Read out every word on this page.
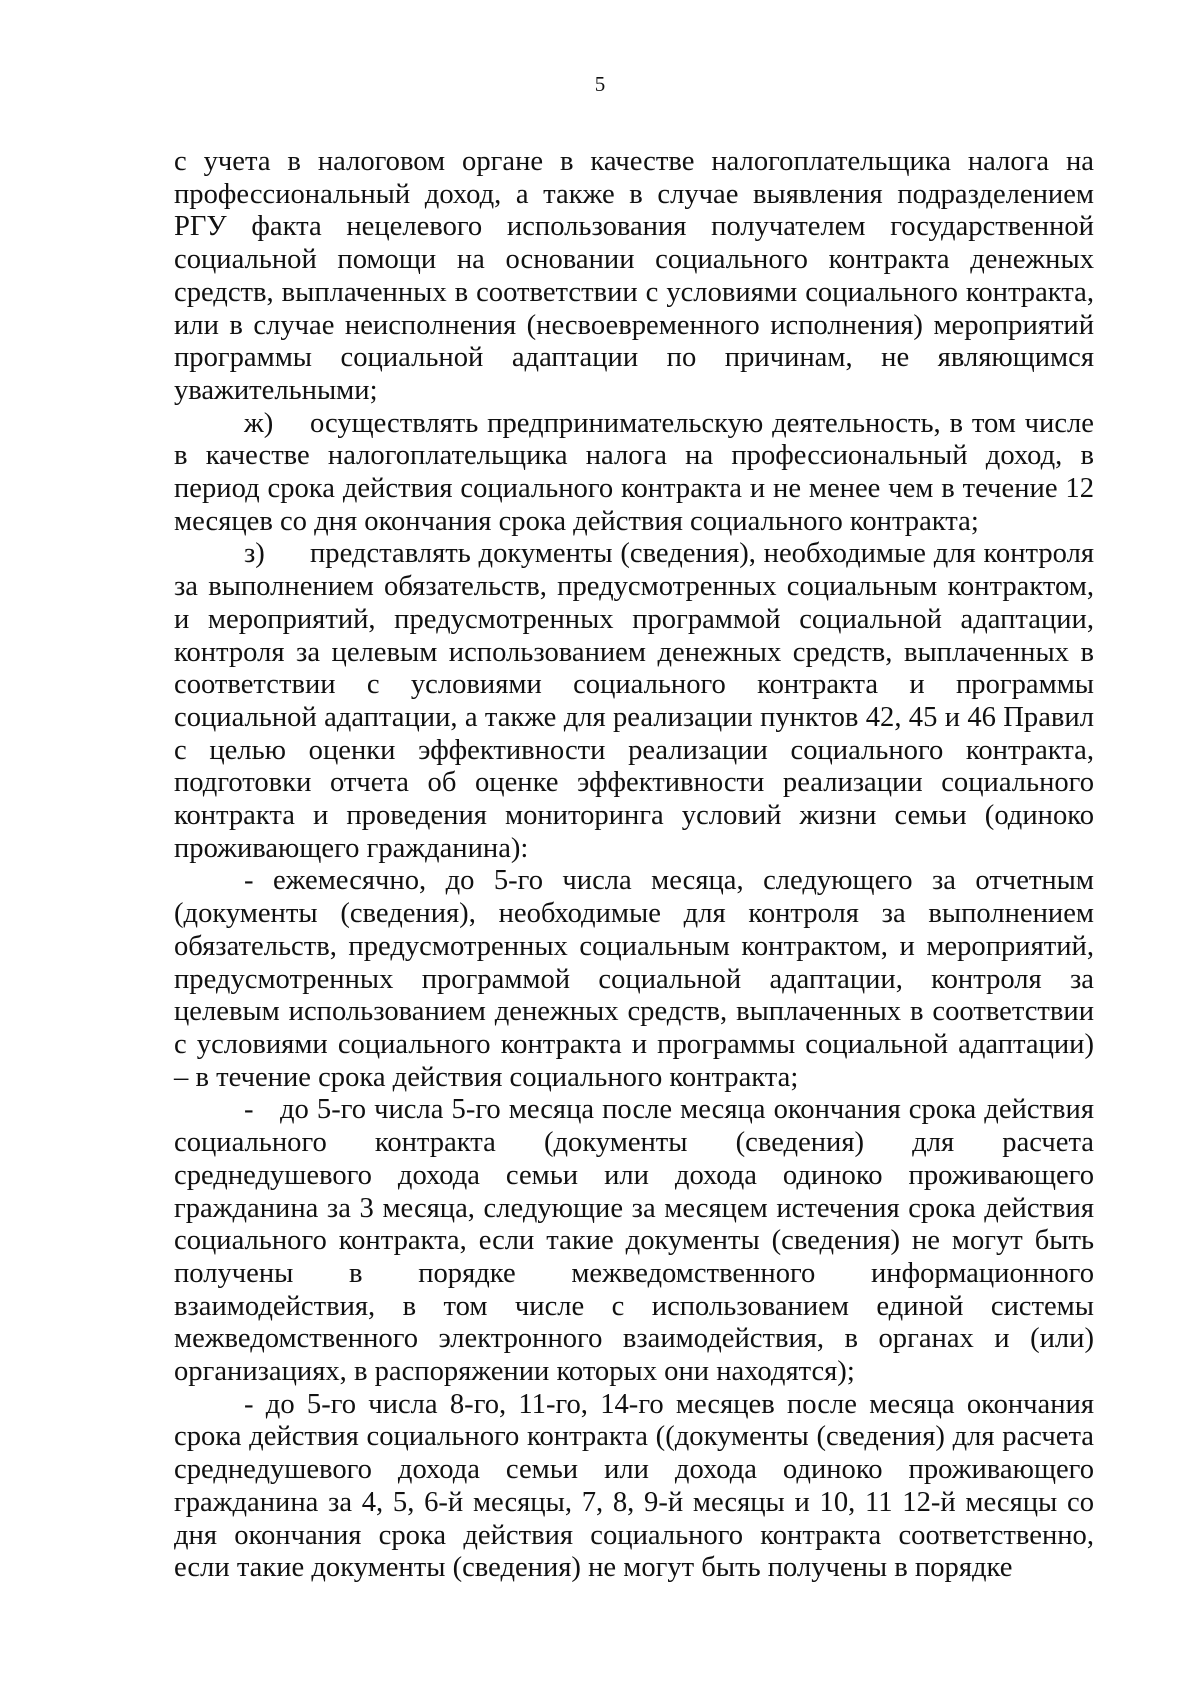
5

с учета в налоговом органе в качестве налогоплательщика налога на профессиональный доход, а также в случае выявления подразделением РГУ факта нецелевого использования получателем государственной социальной помощи на основании социального контракта денежных средств, выплаченных в соответствии с условиями социального контракта, или в случае неисполнения (несвоевременного исполнения) мероприятий программы социальной адаптации по причинам, не являющимся уважительными;

ж) осуществлять предпринимательскую деятельность, в том числе в качестве налогоплательщика налога на профессиональный доход, в период срока действия социального контракта и не менее чем в течение 12 месяцев со дня окончания срока действия социального контракта;

з) представлять документы (сведения), необходимые для контроля за выполнением обязательств, предусмотренных социальным контрактом, и мероприятий, предусмотренных программой социальной адаптации, контроля за целевым использованием денежных средств, выплаченных в соответствии с условиями социального контракта и программы социальной адаптации, а также для реализации пунктов 42, 45 и 46 Правил с целью оценки эффективности реализации социального контракта, подготовки отчета об оценке эффективности реализации социального контракта и проведения мониторинга условий жизни семьи (одиноко проживающего гражданина):

- ежемесячно, до 5-го числа месяца, следующего за отчетным (документы (сведения), необходимые для контроля за выполнением обязательств, предусмотренных социальным контрактом, и мероприятий, предусмотренных программой социальной адаптации, контроля за целевым использованием денежных средств, выплаченных в соответствии с условиями социального контракта и программы социальной адаптации) – в течение срока действия социального контракта;

- до 5-го числа 5-го месяца после месяца окончания срока действия социального контракта (документы (сведения) для расчета среднедушевого дохода семьи или дохода одиноко проживающего гражданина за 3 месяца, следующие за месяцем истечения срока действия социального контракта, если такие документы (сведения) не могут быть получены в порядке межведомственного информационного взаимодействия, в том числе с использованием единой системы межведомственного электронного взаимодействия, в органах и (или) организациях, в распоряжении которых они находятся);

- до 5-го числа 8-го, 11-го, 14-го месяцев после месяца окончания срока действия социального контракта ((документы (сведения) для расчета среднедушевого дохода семьи или дохода одиноко проживающего гражданина за 4, 5, 6-й месяцы, 7, 8, 9-й месяцы и 10, 11 12-й месяцы со дня окончания срока действия социального контракта соответственно, если такие документы (сведения) не могут быть получены в порядке
